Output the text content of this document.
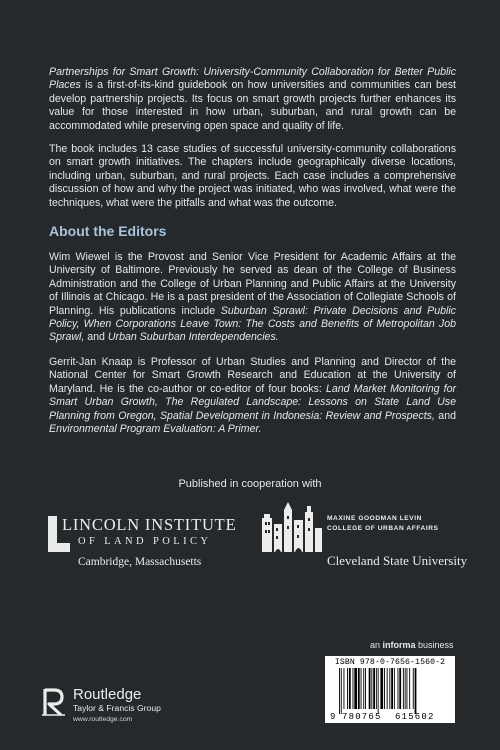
Partnerships for Smart Growth: University-Community Collaboration for Better Public Places is a first-of-its-kind guidebook on how universities and communities can best develop partnership projects. Its focus on smart growth projects further enhances its value for those interested in how urban, suburban, and rural growth can be accommodated while preserving open space and quality of life.

The book includes 13 case studies of successful university-community collaborations on smart growth initiatives. The chapters include geographically diverse locations, including urban, suburban, and rural projects. Each case includes a comprehensive discussion of how and why the project was initiated, who was involved, what were the techniques, what were the pitfalls and what was the outcome.

About the Editors

Wim Wiewel is the Provost and Senior Vice President for Academic Affairs at the University of Baltimore. Previously he served as dean of the College of Business Administration and the College of Urban Planning and Public Affairs at the University of Illinois at Chicago. He is a past president of the Association of Collegiate Schools of Planning. His publications include Suburban Sprawl: Private Decisions and Public Policy, When Corporations Leave Town: The Costs and Benefits of Metropolitan Job Sprawl, and Urban Suburban Interdependencies.

Gerrit-Jan Knaap is Professor of Urban Studies and Planning and Director of the National Center for Smart Growth Research and Education at the University of Maryland. He is the co-author or co-editor of four books: Land Market Monitoring for Smart Urban Growth, The Regulated Landscape: Lessons on State Land Use Planning from Oregon, Spatial Development in Indonesia: Review and Prospects, and Environmental Program Evaluation: A Primer.

Published in cooperation with
LINCOLN INSTITUTE
OF LAND POLICY
Cambridge, Massachusetts
MAXINE GOODMAN LEVIN
COLLEGE OF URBAN AFFAIRS
Cleveland State University
an informa business
Routledge
Taylor & Francis Group
www.routledge.com
ISBN 978-0-7656-1560-2
9 780765 615602
